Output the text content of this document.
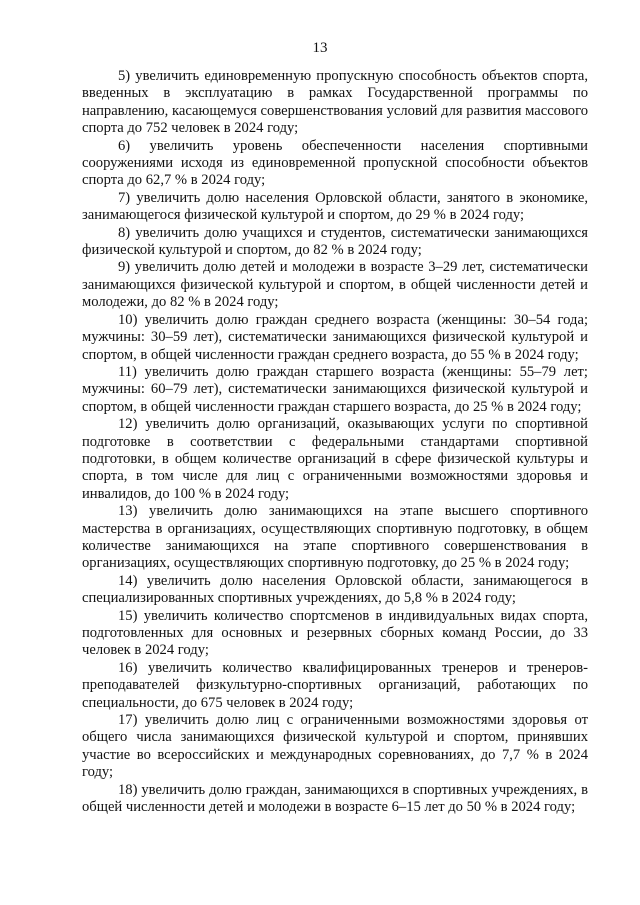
13

5) увеличить единовременную пропускную способность объектов спорта, введенных в эксплуатацию в рамках Государственной программы по направлению, касающемуся совершенствования условий для развития массового спорта до 752 человек в 2024 году;

6) увеличить уровень обеспеченности населения спортивными сооружениями исходя из единовременной пропускной способности объектов спорта до 62,7 % в 2024 году;

7) увеличить долю населения Орловской области, занятого в экономике, занимающегося физической культурой и спортом, до 29 % в 2024 году;

8) увеличить долю учащихся и студентов, систематически занимающихся физической культурой и спортом, до 82 % в 2024 году;

9) увеличить долю детей и молодежи в возрасте 3–29 лет, систематически занимающихся физической культурой и спортом, в общей численности детей и молодежи, до 82 % в 2024 году;

10) увеличить долю граждан среднего возраста (женщины: 30–54 года; мужчины: 30–59 лет), систематически занимающихся физической культурой и спортом, в общей численности граждан среднего возраста, до 55 % в 2024 году;

11) увеличить долю граждан старшего возраста (женщины: 55–79 лет; мужчины: 60–79 лет), систематически занимающихся физической культурой и спортом, в общей численности граждан старшего возраста, до 25 % в 2024 году;

12) увеличить долю организаций, оказывающих услуги по спортивной подготовке в соответствии с федеральными стандартами спортивной подготовки, в общем количестве организаций в сфере физической культуры и спорта, в том числе для лиц с ограниченными возможностями здоровья и инвалидов, до 100 % в 2024 году;

13) увеличить долю занимающихся на этапе высшего спортивного мастерства в организациях, осуществляющих спортивную подготовку, в общем количестве занимающихся на этапе спортивного совершенствования в организациях, осуществляющих спортивную подготовку, до 25 % в 2024 году;

14) увеличить долю населения Орловской области, занимающегося в специализированных спортивных учреждениях, до 5,8 % в 2024 году;

15) увеличить количество спортсменов в индивидуальных видах спорта, подготовленных для основных и резервных сборных команд России, до 33 человек в 2024 году;

16) увеличить количество квалифицированных тренеров и тренеров-преподавателей физкультурно-спортивных организаций, работающих по специальности, до 675 человек в 2024 году;

17) увеличить долю лиц с ограниченными возможностями здоровья от общего числа занимающихся физической культурой и спортом, принявших участие во всероссийских и международных соревнованиях, до 7,7 % в 2024 году;

18) увеличить долю граждан, занимающихся в спортивных учреждениях, в общей численности детей и молодежи в возрасте 6–15 лет до 50 % в 2024 году;
